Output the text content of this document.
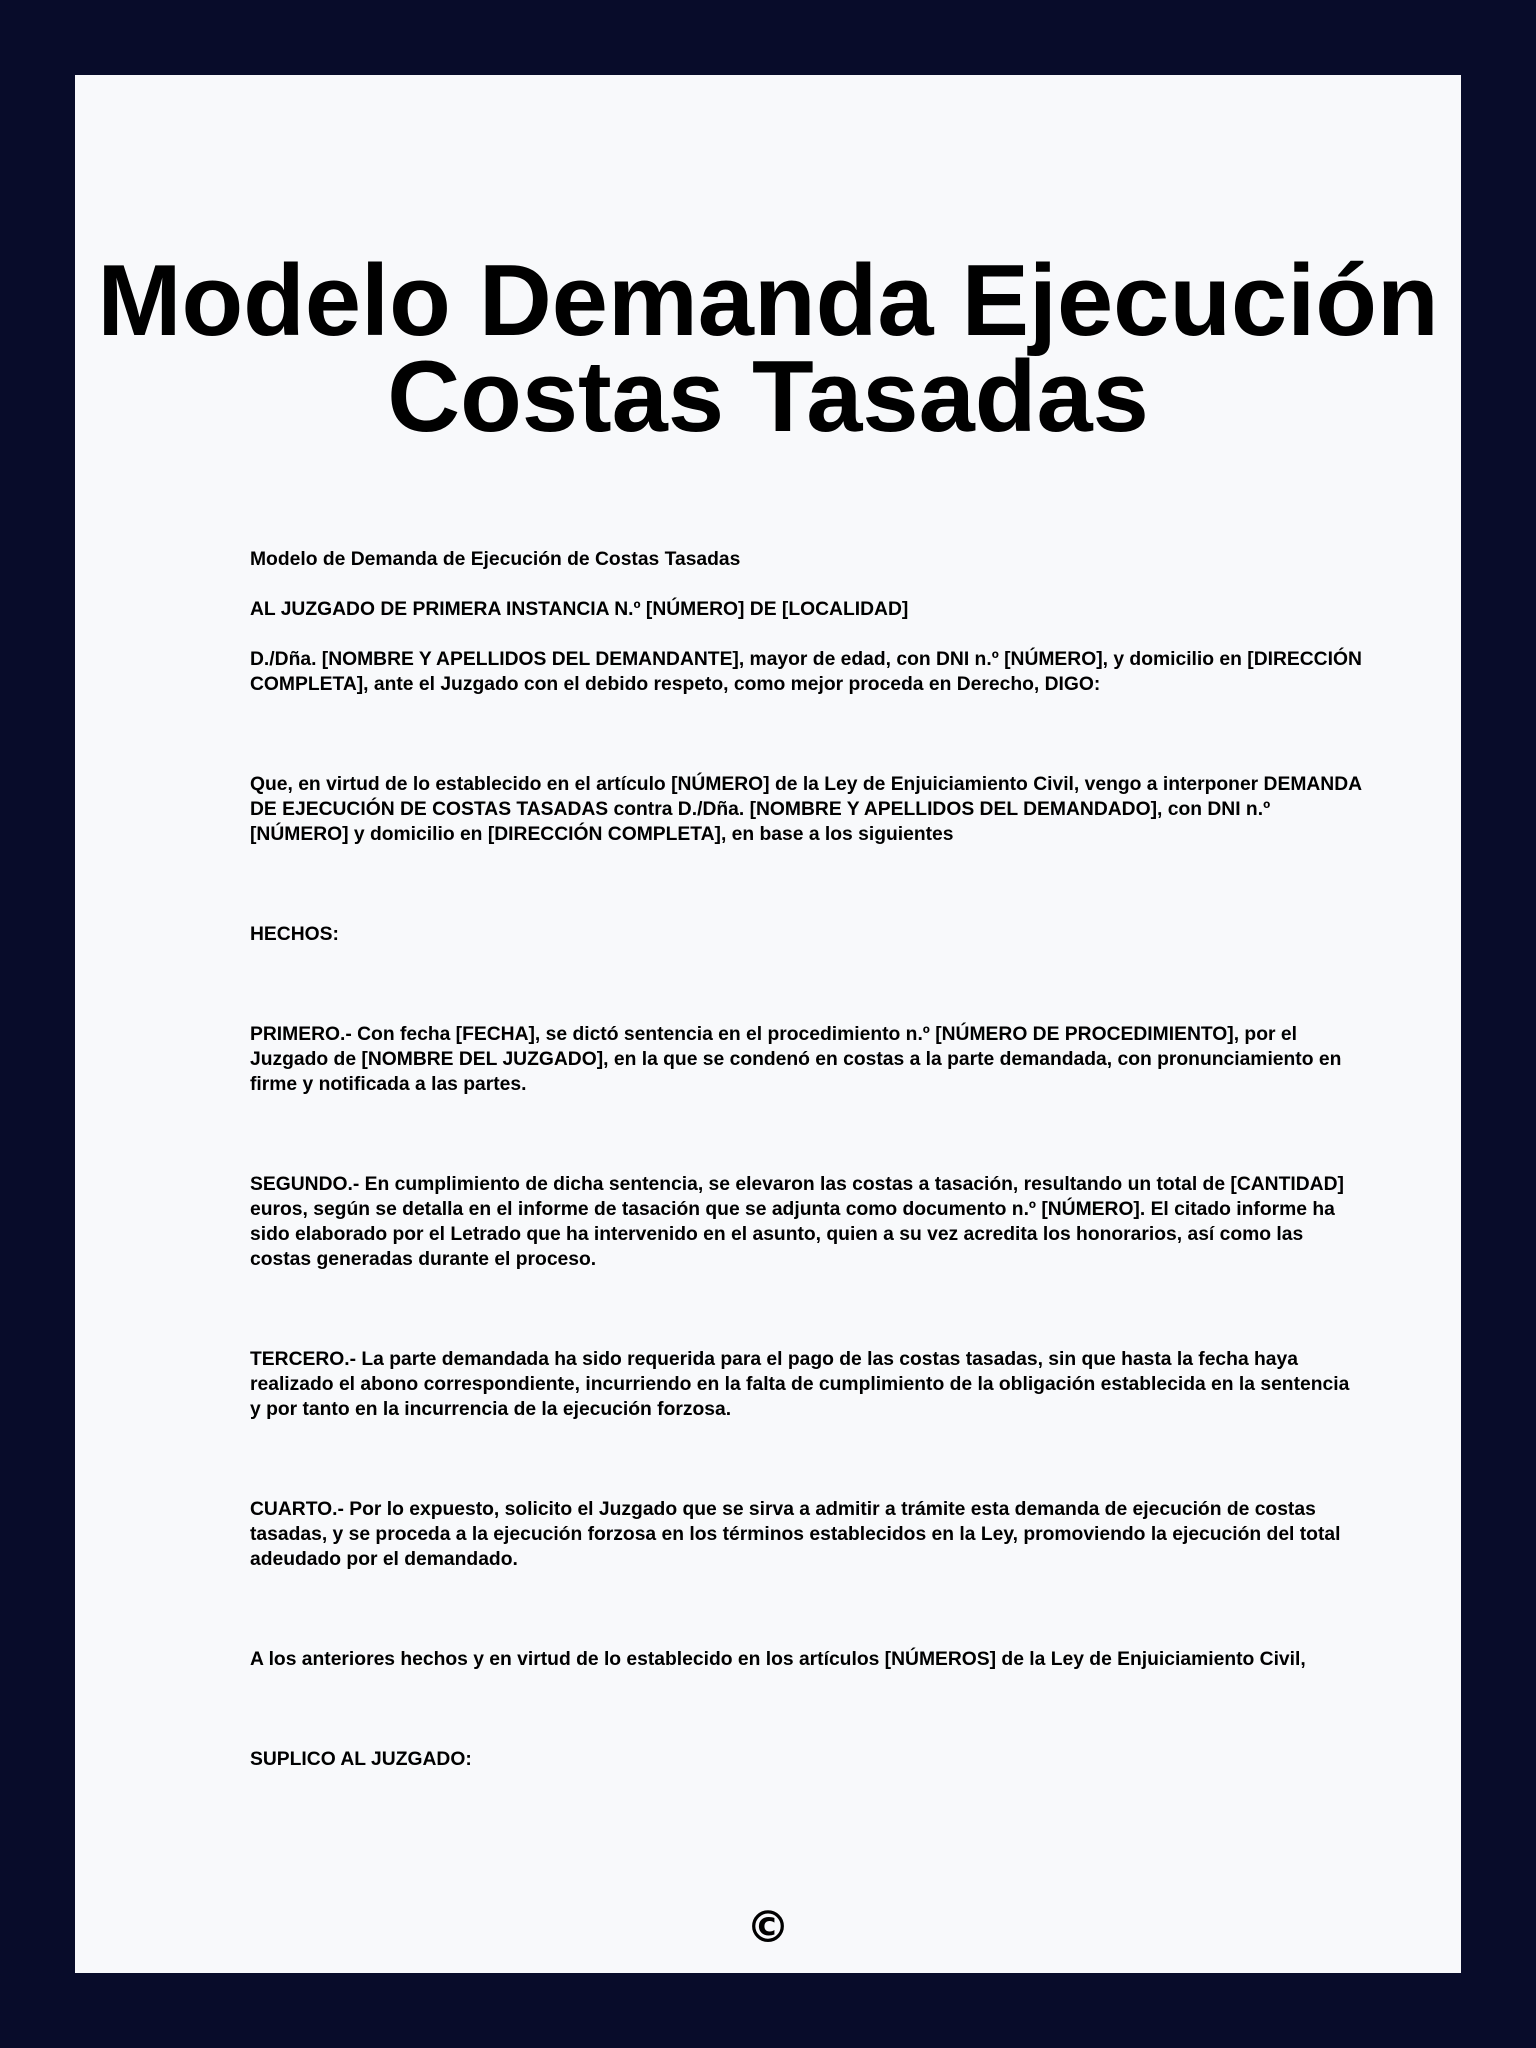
Modelo Demanda Ejecución Costas Tasadas

Modelo de Demanda de Ejecución de Costas Tasadas

AL JUZGADO DE PRIMERA INSTANCIA N.º [NÚMERO] DE [LOCALIDAD]

D./Dña. [NOMBRE Y APELLIDOS DEL DEMANDANTE], mayor de edad, con DNI n.º [NÚMERO], y domicilio en [DIRECCIÓN COMPLETA], ante el Juzgado con el debido respeto, como mejor proceda en Derecho, DIGO:

Que, en virtud de lo establecido en el artículo [NÚMERO] de la Ley de Enjuiciamiento Civil, vengo a interponer DEMANDA DE EJECUCIÓN DE COSTAS TASADAS contra D./Dña. [NOMBRE Y APELLIDOS DEL DEMANDADO], con DNI n.º [NÚMERO] y domicilio en [DIRECCIÓN COMPLETA], en base a los siguientes

HECHOS:

PRIMERO.- Con fecha [FECHA], se dictó sentencia en el procedimiento n.º [NÚMERO DE PROCEDIMIENTO], por el Juzgado de [NOMBRE DEL JUZGADO], en la que se condenó en costas a la parte demandada, con pronunciamiento en firme y notificada a las partes.

SEGUNDO.- En cumplimiento de dicha sentencia, se elevaron las costas a tasación, resultando un total de [CANTIDAD] euros, según se detalla en el informe de tasación que se adjunta como documento n.º [NÚMERO]. El citado informe ha sido elaborado por el Letrado que ha intervenido en el asunto, quien a su vez acredita los honorarios, así como las costas generadas durante el proceso.

TERCERO.- La parte demandada ha sido requerida para el pago de las costas tasadas, sin que hasta la fecha haya realizado el abono correspondiente, incurriendo en la falta de cumplimiento de la obligación establecida en la sentencia y por tanto en la incurrencia de la ejecución forzosa.

CUARTO.- Por lo expuesto, solicito el Juzgado que se sirva a admitir a trámite esta demanda de ejecución de costas tasadas, y se proceda a la ejecución forzosa en los términos establecidos en la Ley, promoviendo la ejecución del total adeudado por el demandado.

A los anteriores hechos y en virtud de lo establecido en los artículos [NÚMEROS] de la Ley de Enjuiciamiento Civil,

SUPLICO AL JUZGADO:

©
